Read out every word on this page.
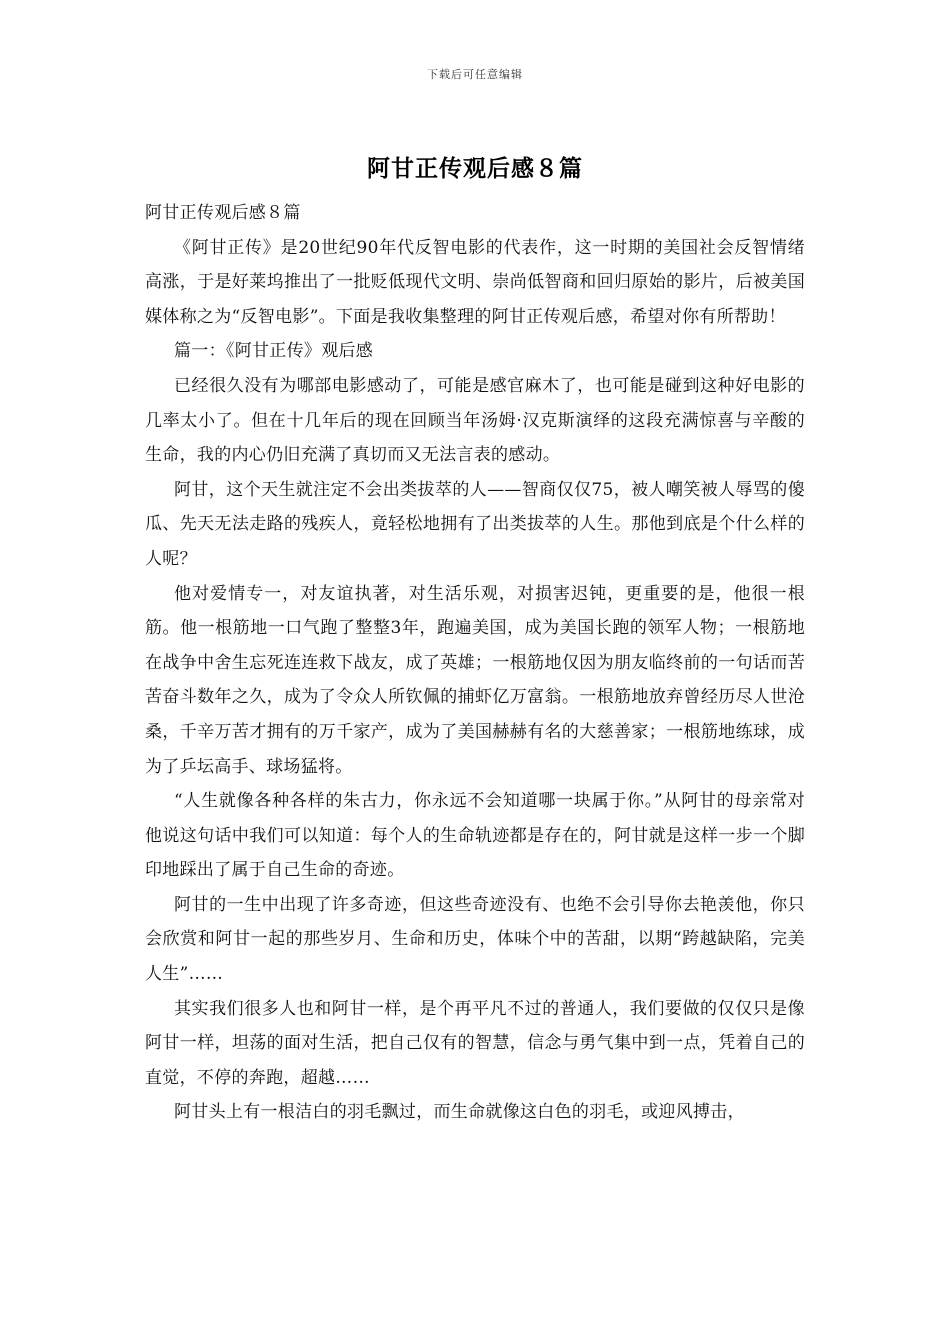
下载后可任意编辑
阿甘正传观后感８篇

阿甘正传观后感８篇

《阿甘正传》是20世纪90年代反智电影的代表作，这一时期的美国社会反智情绪高涨，于是好莱坞推出了一批贬低现代文明、崇尚低智商和回归原始的影片，后被美国媒体称之为“反智电影”。下面是我收集整理的阿甘正传观后感，希望对你有所帮助！

篇一：《阿甘正传》观后感

已经很久没有为哪部电影感动了，可能是感官麻木了，也可能是碰到这种好电影的几率太小了。但在十几年后的现在回顾当年汤姆·汉克斯演绎的这段充满惊喜与辛酸的生命，我的内心仍旧充满了真切而又无法言表的感动。

阿甘，这个天生就注定不会出类拔萃的人——智商仅仅75，被人嘲笑被人辱骂的傻瓜、先天无法走路的残疾人，竟轻松地拥有了出类拔萃的人生。那他到底是个什么样的人呢？

他对爱情专一，对友谊执著，对生活乐观，对损害迟钝，更重要的是，他很一根筋。他一根筋地一口气跑了整整3年，跑遍美国，成为美国长跑的领军人物；一根筋地在战争中舍生忘死连连救下战友，成了英雄；一根筋地仅因为朋友临终前的一句话而苦苦奋斗数年之久，成为了令众人所钦佩的捕虾亿万富翁。一根筋地放弃曾经历尽人世沧桑，千辛万苦才拥有的万千家产，成为了美国赫赫有名的大慈善家；一根筋地练球，成为了乒坛高手、球场猛将。

“人生就像各种各样的朱古力，你永远不会知道哪一块属于你。”从阿甘的母亲常对他说这句话中我们可以知道：每个人的生命轨迹都是存在的，阿甘就是这样一步一个脚印地踩出了属于自己生命的奇迹。

阿甘的一生中出现了许多奇迹，但这些奇迹没有、也绝不会引导你去艳羡他，你只会欣赏和阿甘一起的那些岁月、生命和历史，体味个中的苦甜，以期“跨越缺陷，完美人生”……

其实我们很多人也和阿甘一样，是个再平凡不过的普通人，我们要做的仅仅只是像阿甘一样，坦荡的面对生活，把自己仅有的智慧，信念与勇气集中到一点，凭着自己的直觉，不停的奔跑，超越……

阿甘头上有一根洁白的羽毛飘过，而生命就像这白色的羽毛，或迎风搏击，
